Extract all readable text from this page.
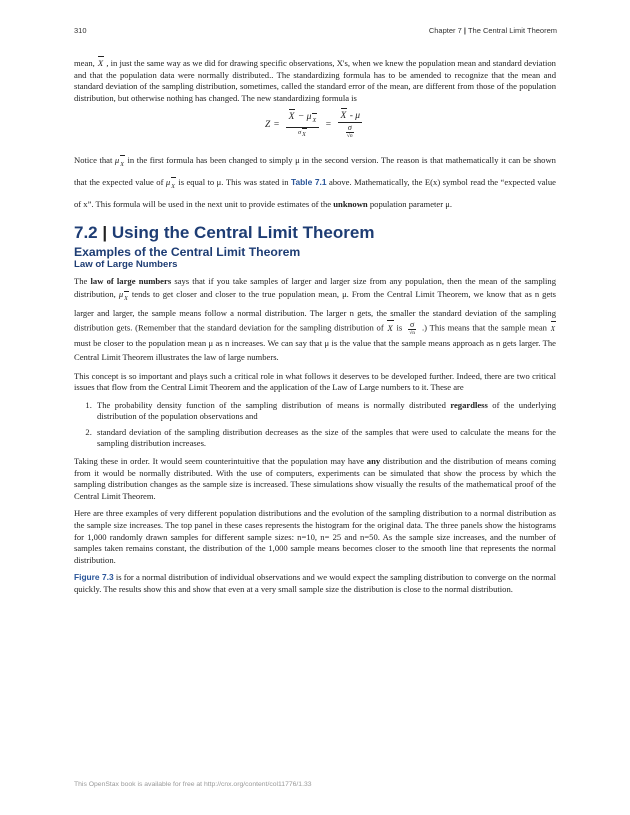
310	Chapter 7 | The Central Limit Theorem

mean, X , in just the same way as we did for drawing specific observations, X's, when we knew the population mean and standard deviation and that the population data were normally distributed.. The standardizing formula has to be amended to recognize that the mean and standard deviation of the sampling distribution, sometimes, called the standard error of the mean, are different from those of the population distribution, but otherwise nothing has changed. The new standardizing formula is

$Z = \frac{X - \mu_X}{\sigma_X} = \frac{X - \mu}{\frac{\sigma}{√n}}$

Notice that $\mu_X$ in the first formula has been changed to simply μ in the second version. The reason is that mathematically it can be shown that the expected value of $\mu_X$ is equal to μ. This was stated in Table 7.1 above. Mathematically, the E(x) symbol read the “expected value of x”. This formula will be used in the next unit to provide estimates of the unknown population parameter μ.

7.2 | Using the Central Limit Theorem
Examples of the Central Limit Theorem
Law of Large Numbers

The law of large numbers says that if you take samples of larger and larger size from any population, then the mean of the sampling distribution, $\mu_X$ tends to get closer and closer to the true population mean, μ. From the Central Limit Theorem, we know that as n gets larger and larger, the sample means follow a normal distribution. The larger n gets, the smaller the standard deviation of the sampling distribution gets. (Remember that the standard deviation for the sampling distribution of X is $\frac{\sigma}{√n}$ .) This means that the sample mean X must be closer to the population mean μ as n increases. We can say that μ is the value that the sample means approach as n gets larger. The Central Limit Theorem illustrates the law of large numbers.

This concept is so important and plays such a critical role in what follows it deserves to be developed further. Indeed, there are two critical issues that flow from the Central Limit Theorem and the application of the Law of Large numbers to it. These are

1. The probability density function of the sampling distribution of means is normally distributed regardless of the underlying distribution of the population observations and
2. standard deviation of the sampling distribution decreases as the size of the samples that were used to calculate the means for the sampling distribution increases.

Taking these in order. It would seem counterintuitive that the population may have any distribution and the distribution of means coming from it would be normally distributed. With the use of computers, experiments can be simulated that show the process by which the sampling distribution changes as the sample size is increased. These simulations show visually the results of the mathematical proof of the Central Limit Theorem.

Here are three examples of very different population distributions and the evolution of the sampling distribution to a normal distribution as the sample size increases. The top panel in these cases represents the histogram for the original data. The three panels show the histograms for 1,000 randomly drawn samples for different sample sizes: n=10, n= 25 and n=50. As the sample size increases, and the number of samples taken remains constant, the distribution of the 1,000 sample means becomes closer to the smooth line that represents the normal distribution.

Figure 7.3 is for a normal distribution of individual observations and we would expect the sampling distribution to converge on the normal quickly. The results show this and show that even at a very small sample size the distribution is close to the normal distribution.

This OpenStax book is available for free at http://cnx.org/content/col11776/1.33
